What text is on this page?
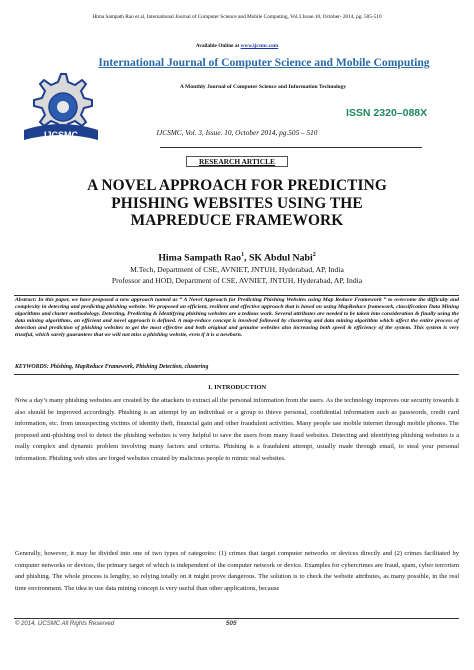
Hima Sampath Rao et al, International Journal of Computer Science and Mobile Computing, Vol.3 Issue.10, October- 2014, pg. 505-510
Available Online at www.ijcsmc.com
IJCSMC
International Journal of Computer Science and Mobile Computing
A Monthly Journal of Computer Science and Information Technology
ISSN 2320–088X
IJCSMC, Vol. 3, Issue. 10, October 2014, pg.505 – 510
RESEARCH ARTICLE
A NOVEL APPROACH FOR PREDICTING
PHISHING WEBSITES USING THE
MAPREDUCE FRAMEWORK
Hima Sampath Rao$^1$, SK Abdul Nabi$^2$
M.Tech, Department of CSE, AVNIET, JNTUH, Hyderabad, AP, India
Professor and HOD, Department of CSE, AVNIET, JNTUH, Hyderabad, AP, India
Abstract: In this paper, we have proposed a new approach named as “ A Novel Approach for Predicting Phishing Websites using Map Reduce Framework ” to overcome the difficulty and complexity in detecting and predicting phishing website. We proposed an efficient, resilient and effective approach that is based on using MapReduce framework, classification Data Mining algorithms and cluster methodology. Detecting, Predicting & Identifying phishing websites are a tedious work. Several attributes are needed to be taken into consideration & finally using the data mining algorithms, an efficient and novel approach is defined. A map-reduce concept is involved followed by clustering and data mining algorithm which affect the entire process of detection and prediction of phishing websites to get the most effective and both original and genuine websites also increasing both speed & efficiency of the system. This system is very trustful, which surely guarantees that we will not miss a phishing website, even if it is a newborn.
KEYWORDS: Phishing, MapReduce Framework, Phishing Detection, clustering
1. INTRODUCTION
Now a day’s many phishing websites are created by the attackers to extract all the personal information from the users. As the technology improves our security towards it also should be improved accordingly. Phishing is an attempt by an individual or a group to thieve personal, confidential information such as passwords, credit card information, etc. from unsuspecting victims of identity theft, financial gain and other fraudulent activities. Many people use mobile internet through mobile phones. The proposed anti-phishing tool to detect the phishing websites is very helpful to save the users from many fraud websites. Detecting and identifying phishing websites is a really complex and dynamic problem involving many factors and criteria. Phishing is a fraudulent attempt, usually made through email, to steal your personal information. Phishing web sites are forged websites created by malicious people to mimic real websites.
Generally, however, it may be divided into one of two types of categories: (1) crimes that target computer networks or devices directly and (2) crimes facilitated by computer networks or devices, the primary target of which is independent of the computer network or device. Examples for cybercrimes are fraud, spam, cyber terrorism and phishing. The whole process is lengthy, so relying totally on it might prove dangerous. The solution is to check the website attributes, as many possible, in the real time environment. The idea to use data mining concept is very useful than other applications, because
© 2014, IJCSMC All Rights Reserved	505
